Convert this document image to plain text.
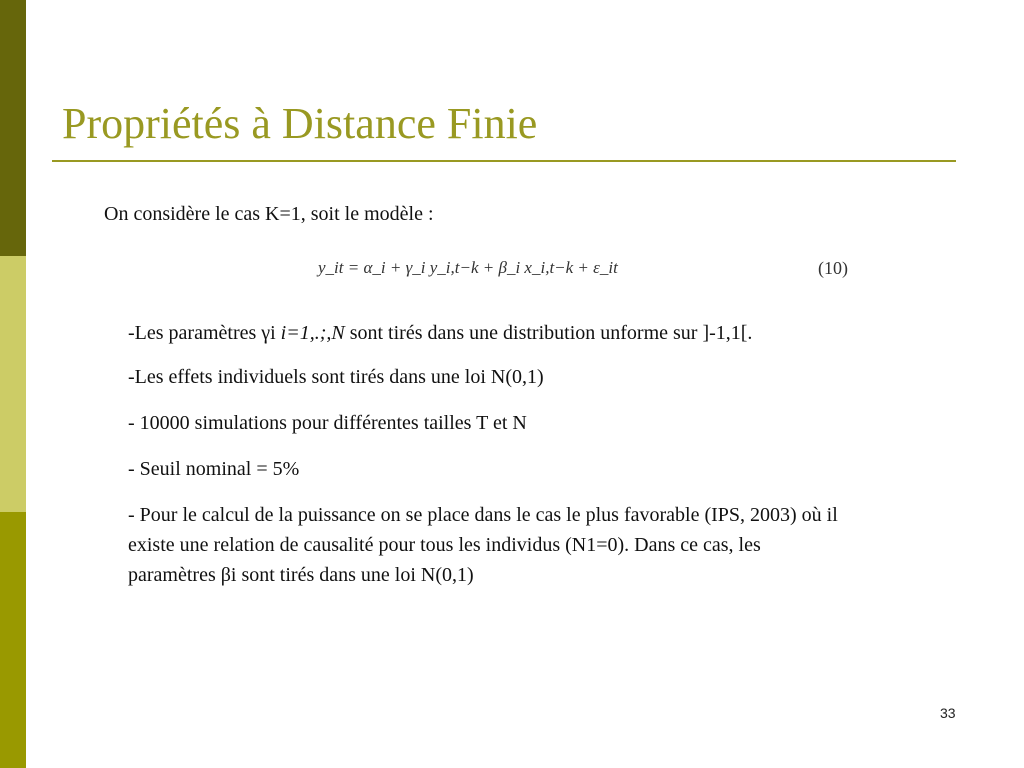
Propriétés à Distance Finie
On considère le cas K=1, soit le modèle :
y_it = α_i + γ_i y_i,t−k + β_i x_i,t−k + ε_it	(10)

-Les paramètres γi i=1,.;,N sont tirés dans une distribution unforme sur ]-1,1[.

-Les effets individuels sont tirés dans une loi N(0,1)

- 10000 simulations pour différentes tailles T et N

- Seuil nominal = 5%

- Pour le calcul de la puissance on se place dans le cas le plus favorable (IPS, 2003) où il existe une relation de causalité pour tous les individus (N1=0). Dans ce cas, les paramètres βi sont tirés dans une loi N(0,1)

33
